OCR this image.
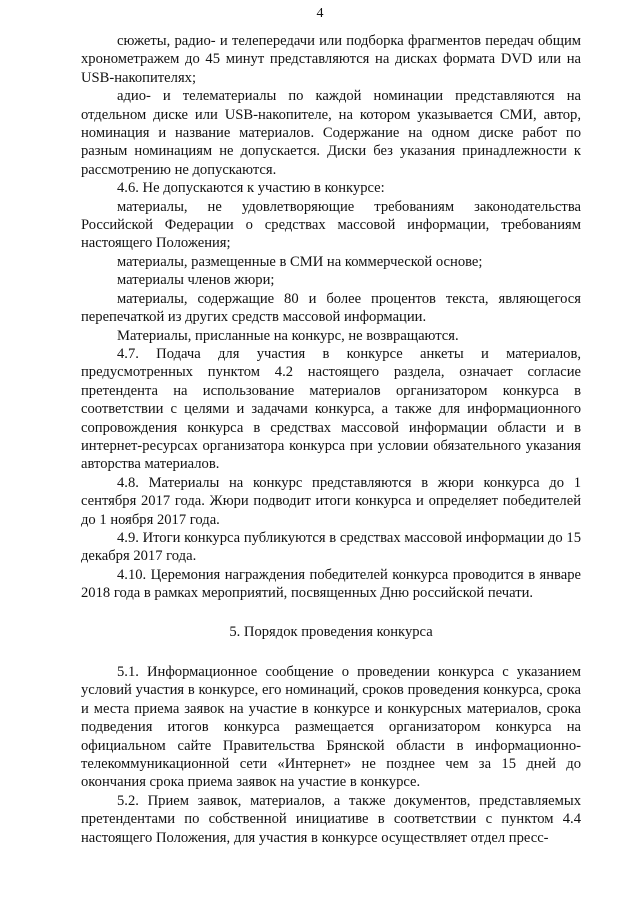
4

сюжеты, радио- и телепередачи или подборка фрагментов передач общим хронометражем до 45 минут представляются на дисках формата DVD или на USB-накопителях;

адио- и телематериалы по каждой номинации представляются на отдельном диске или USB-накопителе, на котором указывается СМИ, автор, номинация и название материалов. Содержание на одном диске работ по разным номинациям не допускается. Диски без указания принадлежности к рассмотрению не допускаются.

4.6. Не допускаются к участию в конкурсе:

материалы, не удовлетворяющие требованиям законодательства Российской Федерации о средствах массовой информации, требованиям настоящего Положения;

материалы, размещенные в СМИ на коммерческой основе;

материалы членов жюри;

материалы, содержащие 80 и более процентов текста, являющегося перепечаткой из других средств массовой информации.

Материалы, присланные на конкурс, не возвращаются.

4.7. Подача для участия в конкурсе анкеты и материалов, предусмотренных пунктом 4.2 настоящего раздела, означает согласие претендента на использование материалов организатором конкурса в соответствии с целями и задачами конкурса, а также для информационного сопровождения конкурса в средствах массовой информации области и в интернет-ресурсах организатора конкурса при условии обязательного указания авторства материалов.

4.8. Материалы на конкурс представляются в жюри конкурса до 1 сентября 2017 года. Жюри подводит итоги конкурса и определяет победителей до 1 ноября 2017 года.

4.9. Итоги конкурса публикуются в средствах массовой информации до 15 декабря 2017 года.

4.10. Церемония награждения победителей конкурса проводится в январе 2018 года в рамках мероприятий, посвященных Дню российской печати.

5. Порядок проведения конкурса

5.1. Информационное сообщение о проведении конкурса с указанием условий участия в конкурсе, его номинаций, сроков проведения конкурса, срока и места приема заявок на участие в конкурсе и конкурсных материалов, срока подведения итогов конкурса размещается организатором конкурса на официальном сайте Правительства Брянской области в информационно-телекоммуникационной сети «Интернет» не позднее чем за 15 дней до окончания срока приема заявок на участие в конкурсе.

5.2. Прием заявок, материалов, а также документов, представляемых претендентами по собственной инициативе в соответствии с пунктом 4.4 настоящего Положения, для участия в конкурсе осуществляет отдел пресс-
